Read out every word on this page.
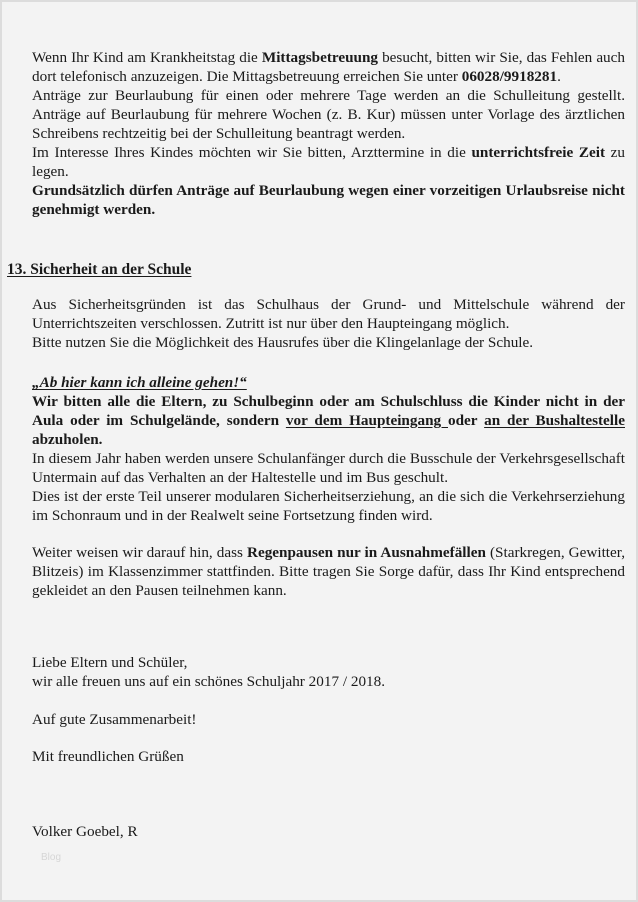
Wenn Ihr Kind am Krankheitstag die Mittagsbetreuung besucht, bitten wir Sie, das Fehlen auch dort telefonisch anzuzeigen. Die Mittagsbetreuung erreichen Sie unter 06028/9918281.

Anträge zur Beurlaubung für einen oder mehrere Tage werden an die Schulleitung gestellt. Anträge auf Beurlaubung für mehrere Wochen (z. B. Kur) müssen unter Vorlage des ärztlichen Schreibens rechtzeitig bei der Schulleitung beantragt werden.

Im Interesse Ihres Kindes möchten wir Sie bitten, Arzttermine in die unterrichtsfreie Zeit zu legen.

Grundsätzlich dürfen Anträge auf Beurlaubung wegen einer vorzeitigen Urlaubsreise nicht genehmigt werden.

13. Sicherheit an der Schule

Aus Sicherheitsgründen ist das Schulhaus der Grund- und Mittelschule während der Unterrichtszeiten verschlossen. Zutritt ist nur über den Haupteingang möglich.

Bitte nutzen Sie die Möglichkeit des Hausrufes über die Klingelanlage der Schule.

„Ab hier kann ich alleine gehen!“

Wir bitten alle die Eltern, zu Schulbeginn oder am Schulschluss die Kinder nicht in der Aula oder im Schulgelände, sondern vor dem Haupteingang oder an der Bushaltestelle abzuholen.

In diesem Jahr haben werden unsere Schulanfänger durch die Busschule der Verkehrsgesellschaft Untermain auf das Verhalten an der Haltestelle und im Bus geschult.

Dies ist der erste Teil unserer modularen Sicherheitserziehung, an die sich die Verkehrserziehung im Schonraum und in der Realwelt seine Fortsetzung finden wird.

Weiter weisen wir darauf hin, dass Regenpausen nur in Ausnahmefällen (Starkregen, Gewitter, Blitzeis) im Klassenzimmer stattfinden. Bitte tragen Sie Sorge dafür, dass Ihr Kind entsprechend gekleidet an den Pausen teilnehmen kann.

Liebe Eltern und Schüler,

wir alle freuen uns auf ein schönes Schuljahr 2017 / 2018.

Auf gute Zusammenarbeit!
Mit freundlichen Grüßen
Volker Goebel, R
Blog
